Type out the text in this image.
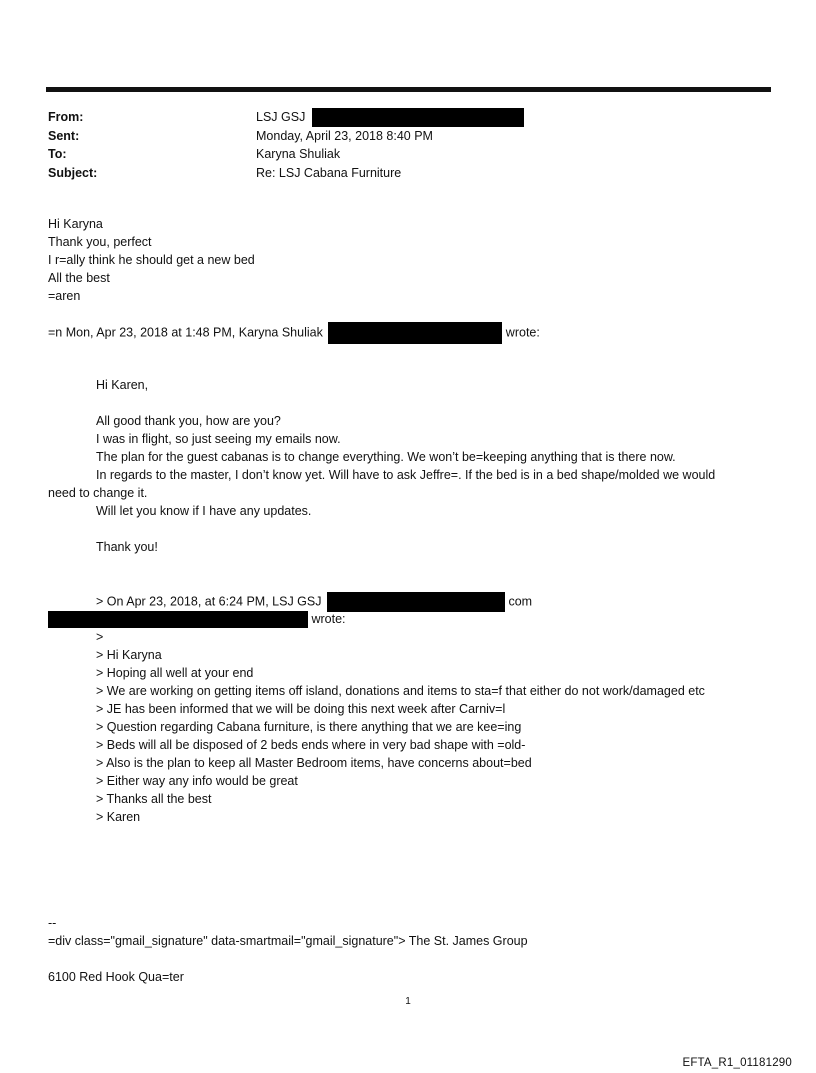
From:	LSJ GSJ
Sent:	Monday, April 23, 2018 8:40 PM
To:	Karyna Shuliak
Subject:	Re: LSJ Cabana Furniture
Hi Karyna
Thank you, perfect
I r=ally think he should get a new bed
All the best
=aren
=n Mon, Apr 23, 2018 at 1:48 PM, Karyna Shuliak	wrote:
Hi Karen,
All good thank you, how are you?
I was in flight, so just seeing my emails now.
The plan for the guest cabanas is to change everything. We won’t be=keeping anything that is there now.
In regards to the master, I don’t know yet. Will have to ask Jeffre=. If the bed is in a bed shape/molded we would
need to change it.
Will let you know if I have any updates.
Thank you!
> On Apr 23, 2018, at 6:24 PM, LSJ GSJ	com
wrote:
>
> Hi Karyna
> Hoping all well at your end
> We are working on getting items off island, donations and items to sta=f that either do not work/damaged etc
> JE has been informed that we will be doing this next week after Carniv=l
> Question regarding Cabana furniture, is there anything that we are kee=ing
> Beds will all be disposed of 2 beds ends where in very bad shape with =old-
> Also is the plan to keep all Master Bedroom items, have concerns about=bed
> Either way any info would be great
> Thanks all the best
> Karen
--
=div class="gmail_signature" data-smartmail="gmail_signature"> The St. James Group
6100 Red Hook Qua=ter
1
EFTA_R1_01181290
